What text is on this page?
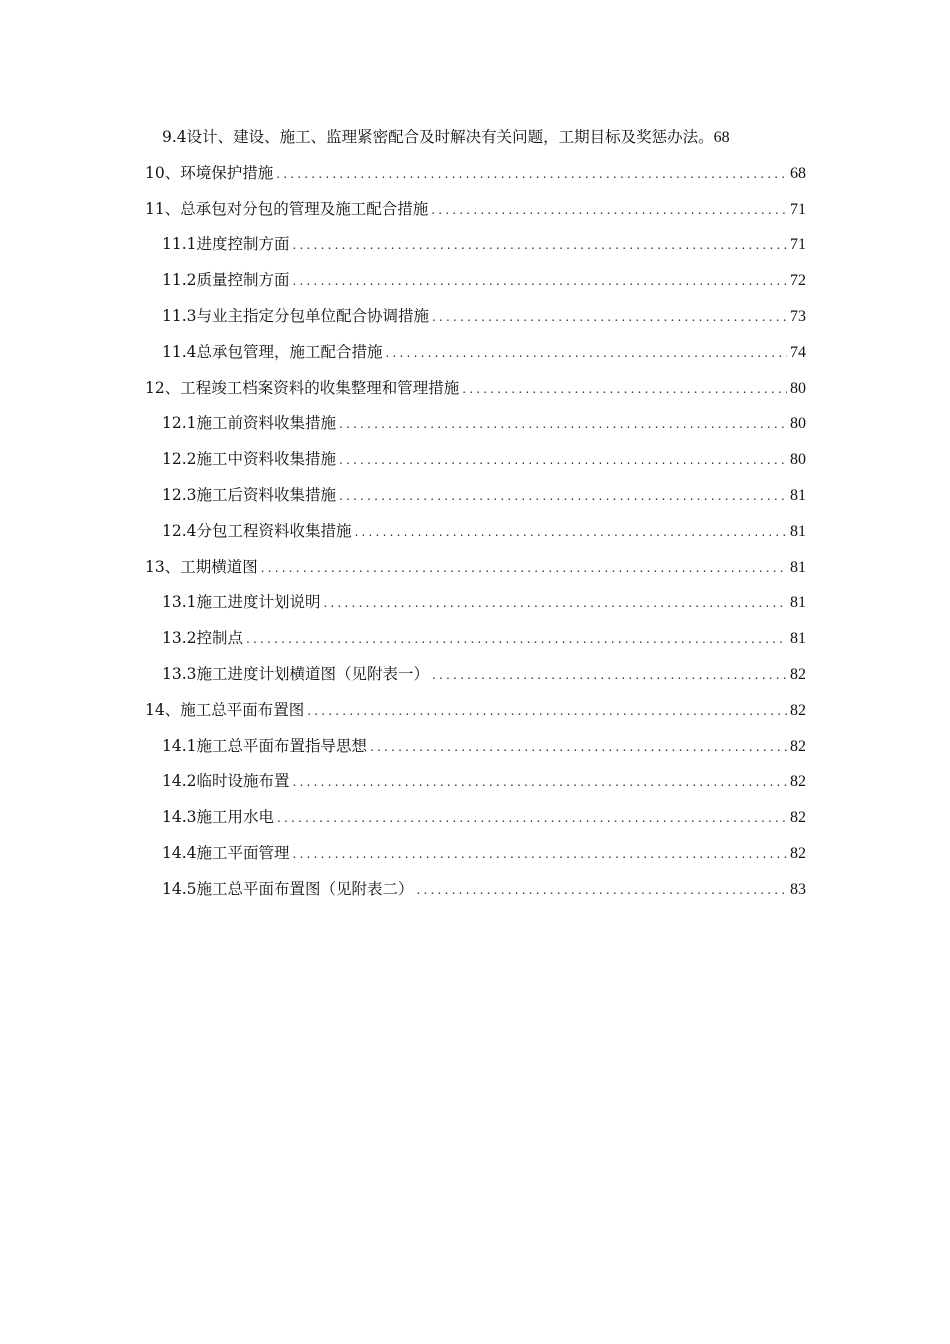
9.4设计、建设、施工、监理紧密配合及时解决有关问题，工期目标及奖惩办法。 68
10、环境保护措施 .....	68
11、总承包对分包的管理及施工配合措施 .....	71
11.1进度控制方面 .....	71
11.2质量控制方面 .....	72
11.3与业主指定分包单位配合协调措施 .....	73
11.4总承包管理，施工配合措施 .....	74
12、工程竣工档案资料的收集整理和管理措施 .....	80
12.1施工前资料收集措施 .....	80
12.2施工中资料收集措施 .....	80
12.3施工后资料收集措施 .....	81
12.4分包工程资料收集措施 .....	81
13、工期横道图 .....	81
13.1施工进度计划说明 .....	81
13.2控制点 .....	81
13.3施工进度计划横道图（见附表一） .....	82
14、施工总平面布置图 .....	82
14.1施工总平面布置指导思想 .....	82
14.2临时设施布置 .....	82
14.3施工用水电 .....	82
14.4施工平面管理 .....	82
14.5施工总平面布置图（见附表二） .....	83
